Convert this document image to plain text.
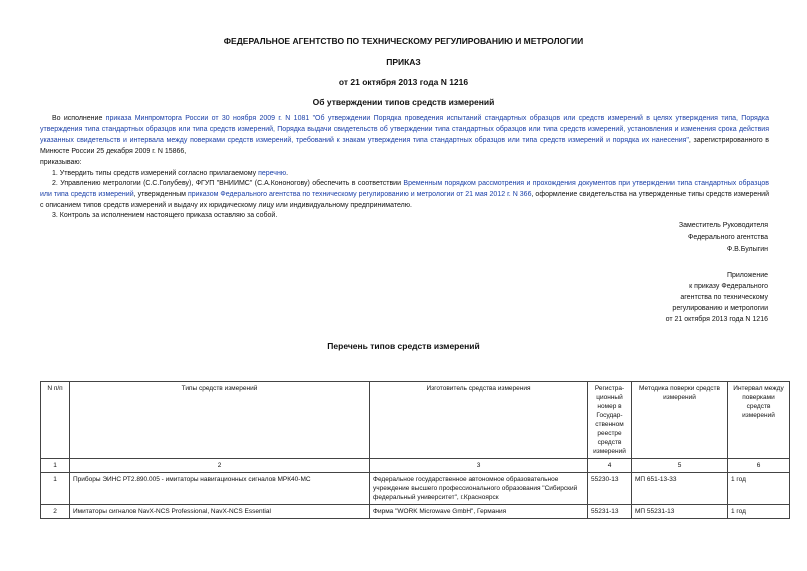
ФЕДЕРАЛЬНОЕ АГЕНТСТВО ПО ТЕХНИЧЕСКОМУ РЕГУЛИРОВАНИЮ И МЕТРОЛОГИИ
ПРИКАЗ
от 21 октября 2013 года N 1216
Об утверждении типов средств измерений
Во исполнение приказа Минпромторга России от 30 ноября 2009 г. N 1081 "Об утверждении Порядка проведения испытаний стандартных образцов или средств измерений в целях утверждения типа, Порядка утверждения типа стандартных образцов или типа средств измерений, Порядка выдачи свидетельств об утверждении типа стандартных образцов или типа средств измерений, установления и изменения срока действия указанных свидетельств и интервала между поверками средств измерений, требований к знакам утверждения типа стандартных образцов или типа средств измерений и порядка их нанесения", зарегистрированного в Минюсте России 25 декабря 2009 г. N 15866,
приказываю:
1. Утвердить типы средств измерений согласно прилагаемому перечню.
2. Управлению метрологии (С.С.Голубеву), ФГУП "ВНИИМС" (С.А.Кононогову) обеспечить в соответствии Временным порядком рассмотрения и прохождения документов при утверждении типа стандартных образцов или типа средств измерений, утвержденным приказом Федерального агентства по техническому регулированию и метрологии от 21 мая 2012 г. N 366, оформление свидетельства на утвержденные типы средств измерений с описанием типов средств измерений и выдачу их юридическому лицу или индивидуальному предпринимателю.
3. Контроль за исполнением настоящего приказа оставляю за собой.
Заместитель Руководителя
Федерального агентства
Ф.В.Булыгин
Приложение
к приказу Федерального
агентства по техническому
регулированию и метрологии
от 21 октября 2013 года N 1216
Перечень типов средств измерений
N п/п	Типы средств измерений	Изготовитель средства измерения	Регистра- ционный номер в Государ- ственном реестре средств измерений	Методика поверки средств измерений	Интервал между поверками средств измерений
1	2	3	4	5	6
1	Приборы ЭИНС РТ2.890.005 - имитаторы навигационных сигналов МРК40-МС	Федеральное государственное автономное образовательное учреждение высшего профессионального образования "Сибирский федеральный университет", г.Красноярск	55230-13	МП 651-13-33	1 год
2	Имитаторы сигналов NavX-NCS Professional, NavX-NCS Essential	Фирма "WORK Microwave GmbH", Германия	55231-13	МП 55231-13	1 год
